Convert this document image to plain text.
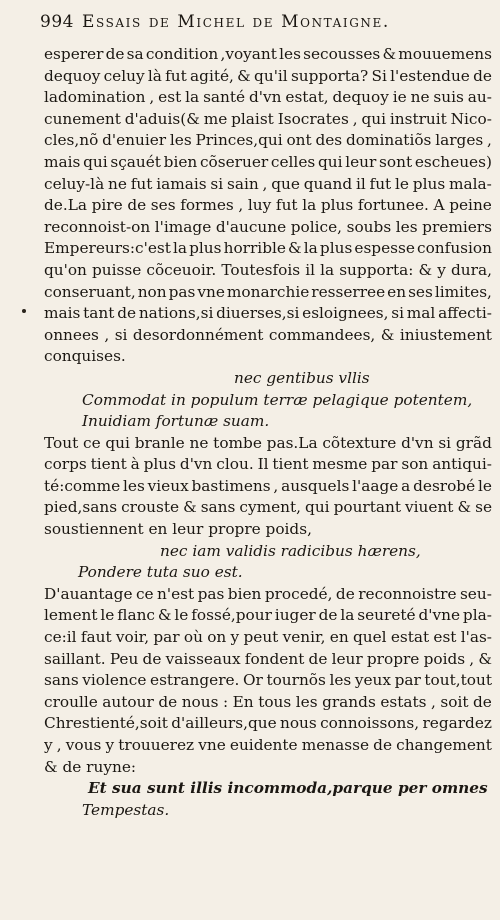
994 Essais de Michel de Montaigne.
esperer de sa condition ,voyant les secousses & mouuemens
dequoy celuy là fut agité, & qu'il supporta? Si l'estendue de
ladomination , est la santé d'vn estat, dequoy ie ne suis au-
cunement d'aduis(& me plaist Isocrates , qui instruit Nico-
cles,nõ d'enuier les Princes,qui ont des dominatiõs larges ,
mais qui sçauét bien cõseruer celles qui leur sont escheues)
celuy-là ne fut iamais si sain , que quand il fut le plus mala-
de.La pire de ses formes , luy fut la plus fortunee. A peine
reconnoist-on l'image d'aucune police, soubs les premiers
Empereurs:c'est la plus horrible & la plus espesse confusion
qu'on puisse cõceuoir. Toutesfois il la supporta: & y dura,
conseruant, non pas vne monarchie resserree en ses limites,
mais tant de nations,si diuerses,si esloignees, si mal affecti-
onnees , si desordonnément commandees, & iniustement
conquises.
nec gentibus vllis
Commodat in populum terræ pelagique potentem,
Inuidiam fortunæ suam.
Tout ce qui branle ne tombe pas.La cõtexture d'vn si grãd
corps tient à plus d'vn clou. Il tient mesme par son antiqui-
té:comme les vieux bastimens , ausquels l'aage a desrobé le
pied,sans crouste & sans cyment, qui pourtant viuent & se
soustiennent en leur propre poids,
nec iam validis radicibus hærens,
Pondere tuta suo est.
D'auantage ce n'est pas bien procedé, de reconnoistre seu-
lement le flanc & le fossé,pour iuger de la seureté d'vne pla-
ce:il faut voir, par où on y peut venir, en quel estat est l'as-
saillant. Peu de vaisseaux fondent de leur propre poids , &
sans violence estrangere. Or tournõs les yeux par tout,tout
croulle autour de nous : En tous les grands estats , soit de
Chrestienté,soit d'ailleurs,que nous connoissons, regardez
y , vous y trouuerez vne euidente menasse de changement
& de ruyne:
Et sua sunt illis incommoda,parque per omnes
Tempestas.
